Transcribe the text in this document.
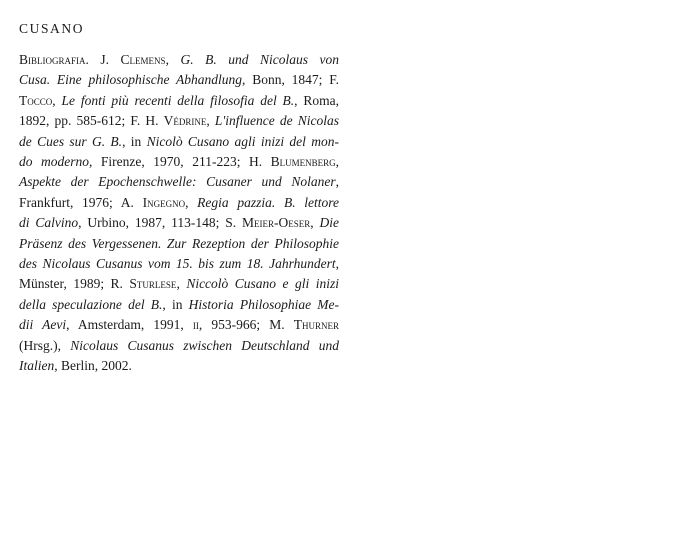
CUSANO
Bibliografia. J. Clemens, G. B. und Nicolaus von
Cusa. Eine philosophische Abhandlung, Bonn, 1847; F.
Tocco, Le fonti più recenti della filosofia del B., Roma,
1892, pp. 585-612; F. H. Védrine, L'influence de Nicolas
de Cues sur G. B., in Nicolò Cusano agli inizi del mon-
do moderno, Firenze, 1970, 211-223; H. Blumenberg,
Aspekte der Epochenschwelle: Cusaner und Nolaner,
Frankfurt, 1976; A. Ingegno, Regia pazzia. B. lettore
di Calvino, Urbino, 1987, 113-148; S. Meier-Oeser, Die
Präsenz des Vergessenen. Zur Rezeption der Philosophie
des Nicolaus Cusanus vom 15. bis zum 18. Jahrhundert,
Münster, 1989; R. Sturlese, Niccolò Cusano e gli inizi
della speculazione del B., in Historia Philosophiae Me-
dii Aevi, Amsterdam, 1991, ii, 953-966; M. Thurner
(Hrsg.), Nicolaus Cusanus zwischen Deutschland und
Italien, Berlin, 2002.
